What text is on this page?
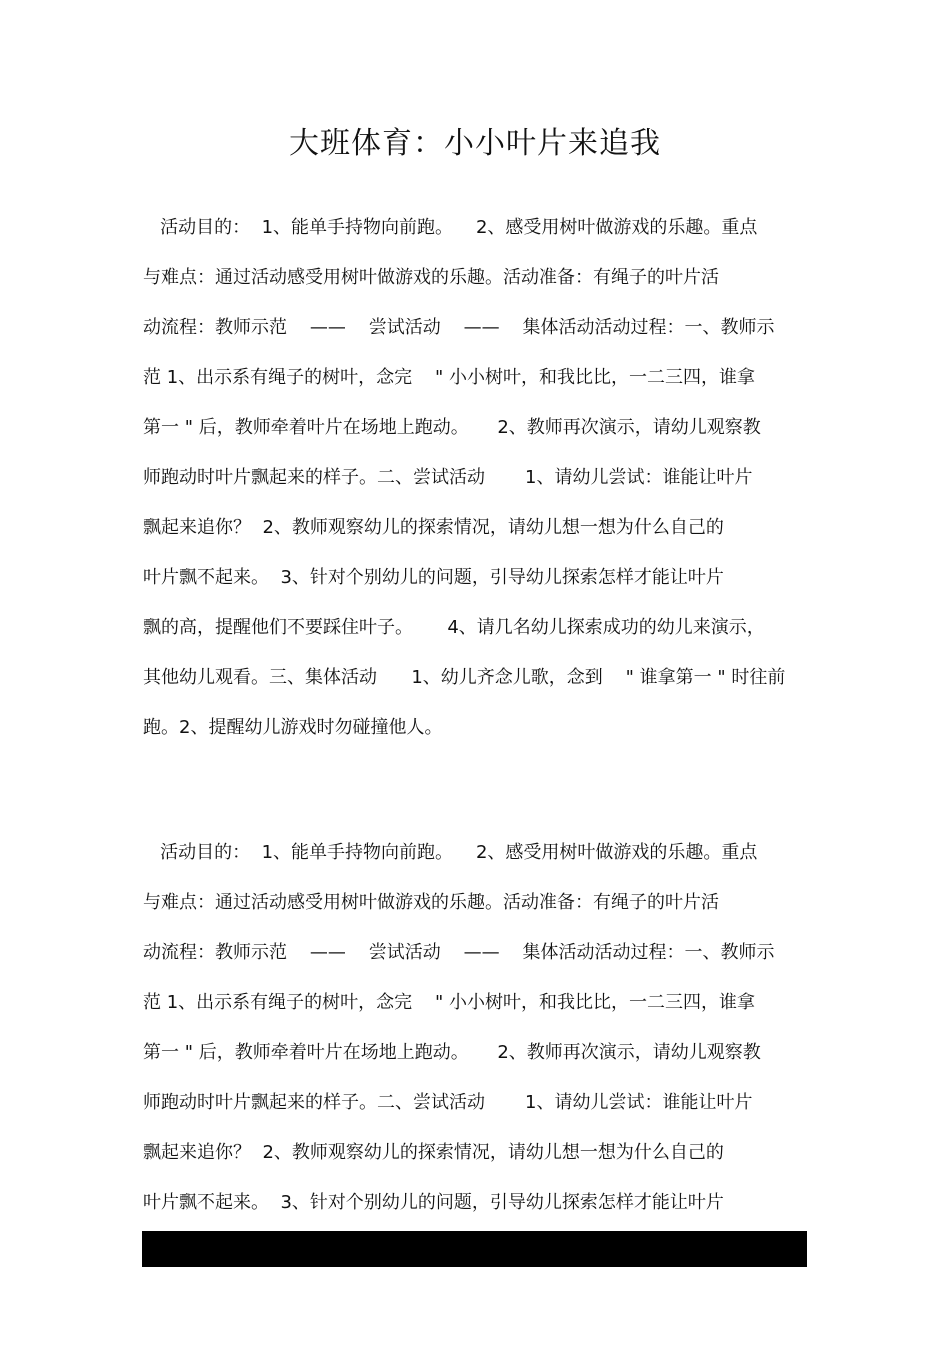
大班体育：小小叶片来追我
活动目的：  1、能单手持物向前跑。    2、感受用树叶做游戏的乐趣。重点
与难点：通过活动感受用树叶做游戏的乐趣。活动准备：有绳子的叶片活
动流程：教师示范    ——    尝试活动    ——    集体活动活动过程：一、教师示
范 1、出示系有绳子的树叶，念完    " 小小树叶，和我比比，一二三四，谁拿
第一 " 后，教师牵着叶片在场地上跑动。     2、教师再次演示，请幼儿观察教
师跑动时叶片飘起来的样子。二、尝试活动       1、请幼儿尝试：谁能让叶片
飘起来追你？  2、教师观察幼儿的探索情况，请幼儿想一想为什么自己的
叶片飘不起来。  3、针对个别幼儿的问题，引导幼儿探索怎样才能让叶片
飘的高，提醒他们不要踩住叶子。      4、请几名幼儿探索成功的幼儿来演示，
其他幼儿观看。三、集体活动      1、幼儿齐念儿歌，念到    " 谁拿第一 " 时往前
跑。2、提醒幼儿游戏时勿碰撞他人。
活动目的：  1、能单手持物向前跑。    2、感受用树叶做游戏的乐趣。重点
与难点：通过活动感受用树叶做游戏的乐趣。活动准备：有绳子的叶片活
动流程：教师示范    ——    尝试活动    ——    集体活动活动过程：一、教师示
范 1、出示系有绳子的树叶，念完    " 小小树叶，和我比比，一二三四，谁拿
第一 " 后，教师牵着叶片在场地上跑动。     2、教师再次演示，请幼儿观察教
师跑动时叶片飘起来的样子。二、尝试活动       1、请幼儿尝试：谁能让叶片
飘起来追你？  2、教师观察幼儿的探索情况，请幼儿想一想为什么自己的
叶片飘不起来。  3、针对个别幼儿的问题，引导幼儿探索怎样才能让叶片
